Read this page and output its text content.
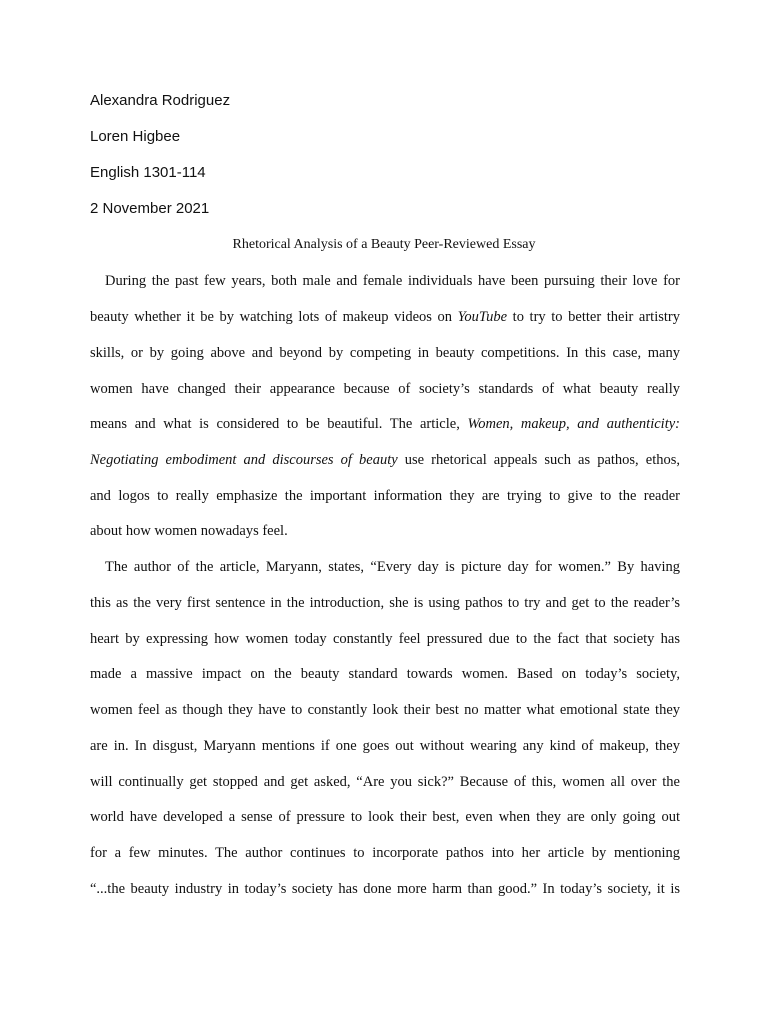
Alexandra Rodriguez
Loren Higbee
English 1301-114
2 November 2021
Rhetorical Analysis of a Beauty Peer-Reviewed Essay
During the past few years, both male and female individuals have been pursuing their love for
beauty whether it be by watching lots of makeup videos on YouTube to try to better their artistry
skills, or by going above and beyond by competing in beauty competitions. In this case, many
women have changed their appearance because of society’s standards of what beauty really
means and what is considered to be beautiful. The article, Women, makeup, and authenticity:
Negotiating embodiment and discourses of beauty use rhetorical appeals such as pathos, ethos,
and logos to really emphasize the important information they are trying to give to the reader
about how women nowadays feel.
The author of the article, Maryann, states, “Every day is picture day for women.” By having
this as the very first sentence in the introduction, she is using pathos to try and get to the reader’s
heart by expressing how women today constantly feel pressured due to the fact that society has
made a massive impact on the beauty standard towards women. Based on today’s society,
women feel as though they have to constantly look their best no matter what emotional state they
are in. In disgust, Maryann mentions if one goes out without wearing any kind of makeup, they
will continually get stopped and get asked, “Are you sick?” Because of this, women all over the
world have developed a sense of pressure to look their best, even when they are only going out
for a few minutes. The author continues to incorporate pathos into her article by mentioning
“...the beauty industry in today’s society has done more harm than good.” In today’s society, it is
